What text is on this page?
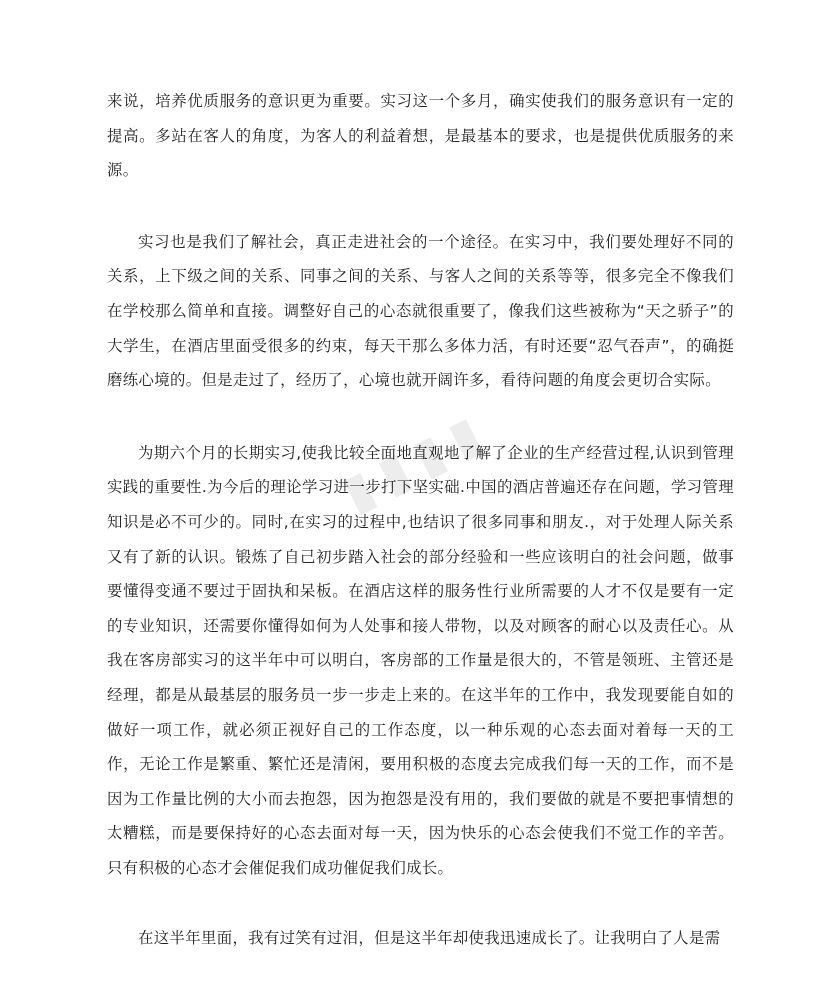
来说，培养优质服务的意识更为重要。实习这一个多月，确实使我们的服务意识有一定的提高。多站在客人的角度，为客人的利益着想，是最基本的要求，也是提供优质服务的来源。

实习也是我们了解社会，真正走进社会的一个途径。在实习中，我们要处理好不同的关系，上下级之间的关系、同事之间的关系、与客人之间的关系等等，很多完全不像我们在学校那么简单和直接。调整好自己的心态就很重要了，像我们这些被称为“天之骄子”的大学生，在酒店里面受很多的约束，每天干那么多体力活，有时还要“忍气吞声”，的确挺磨练心境的。但是走过了，经历了，心境也就开阔许多，看待问题的角度会更切合实际。

为期六个月的长期实习,使我比较全面地直观地了解了企业的生产经营过程,认识到管理实践的重要性.为今后的理论学习进一步打下坚实础.中国的酒店普遍还存在问题，学习管理知识是必不可少的。同时,在实习的过程中,也结识了很多同事和朋友.，对于处理人际关系又有了新的认识。锻炼了自己初步踏入社会的部分经验和一些应该明白的社会问题，做事要懂得变通不要过于固执和呆板。在酒店这样的服务性行业所需要的人才不仅是要有一定的专业知识，还需要你懂得如何为人处事和接人带物，以及对顾客的耐心以及责任心。从我在客房部实习的这半年中可以明白，客房部的工作量是很大的，不管是领班、主管还是经理，都是从最基层的服务员一步一步走上来的。在这半年的工作中，我发现要能自如的做好一项工作，就必须正视好自己的工作态度，以一种乐观的心态去面对着每一天的工作，无论工作是繁重、繁忙还是清闲，要用积极的态度去完成我们每一天的工作，而不是因为工作量比例的大小而去抱怨，因为抱怨是没有用的，我们要做的就是不要把事情想的太糟糕，而是要保持好的心态去面对每一天，因为快乐的心态会使我们不觉工作的辛苦。只有积极的心态才会催促我们成功催促我们成长。

在这半年里面，我有过笑有过泪，但是这半年却使我迅速成长了。让我明白了人是需

▮▮▮▮
